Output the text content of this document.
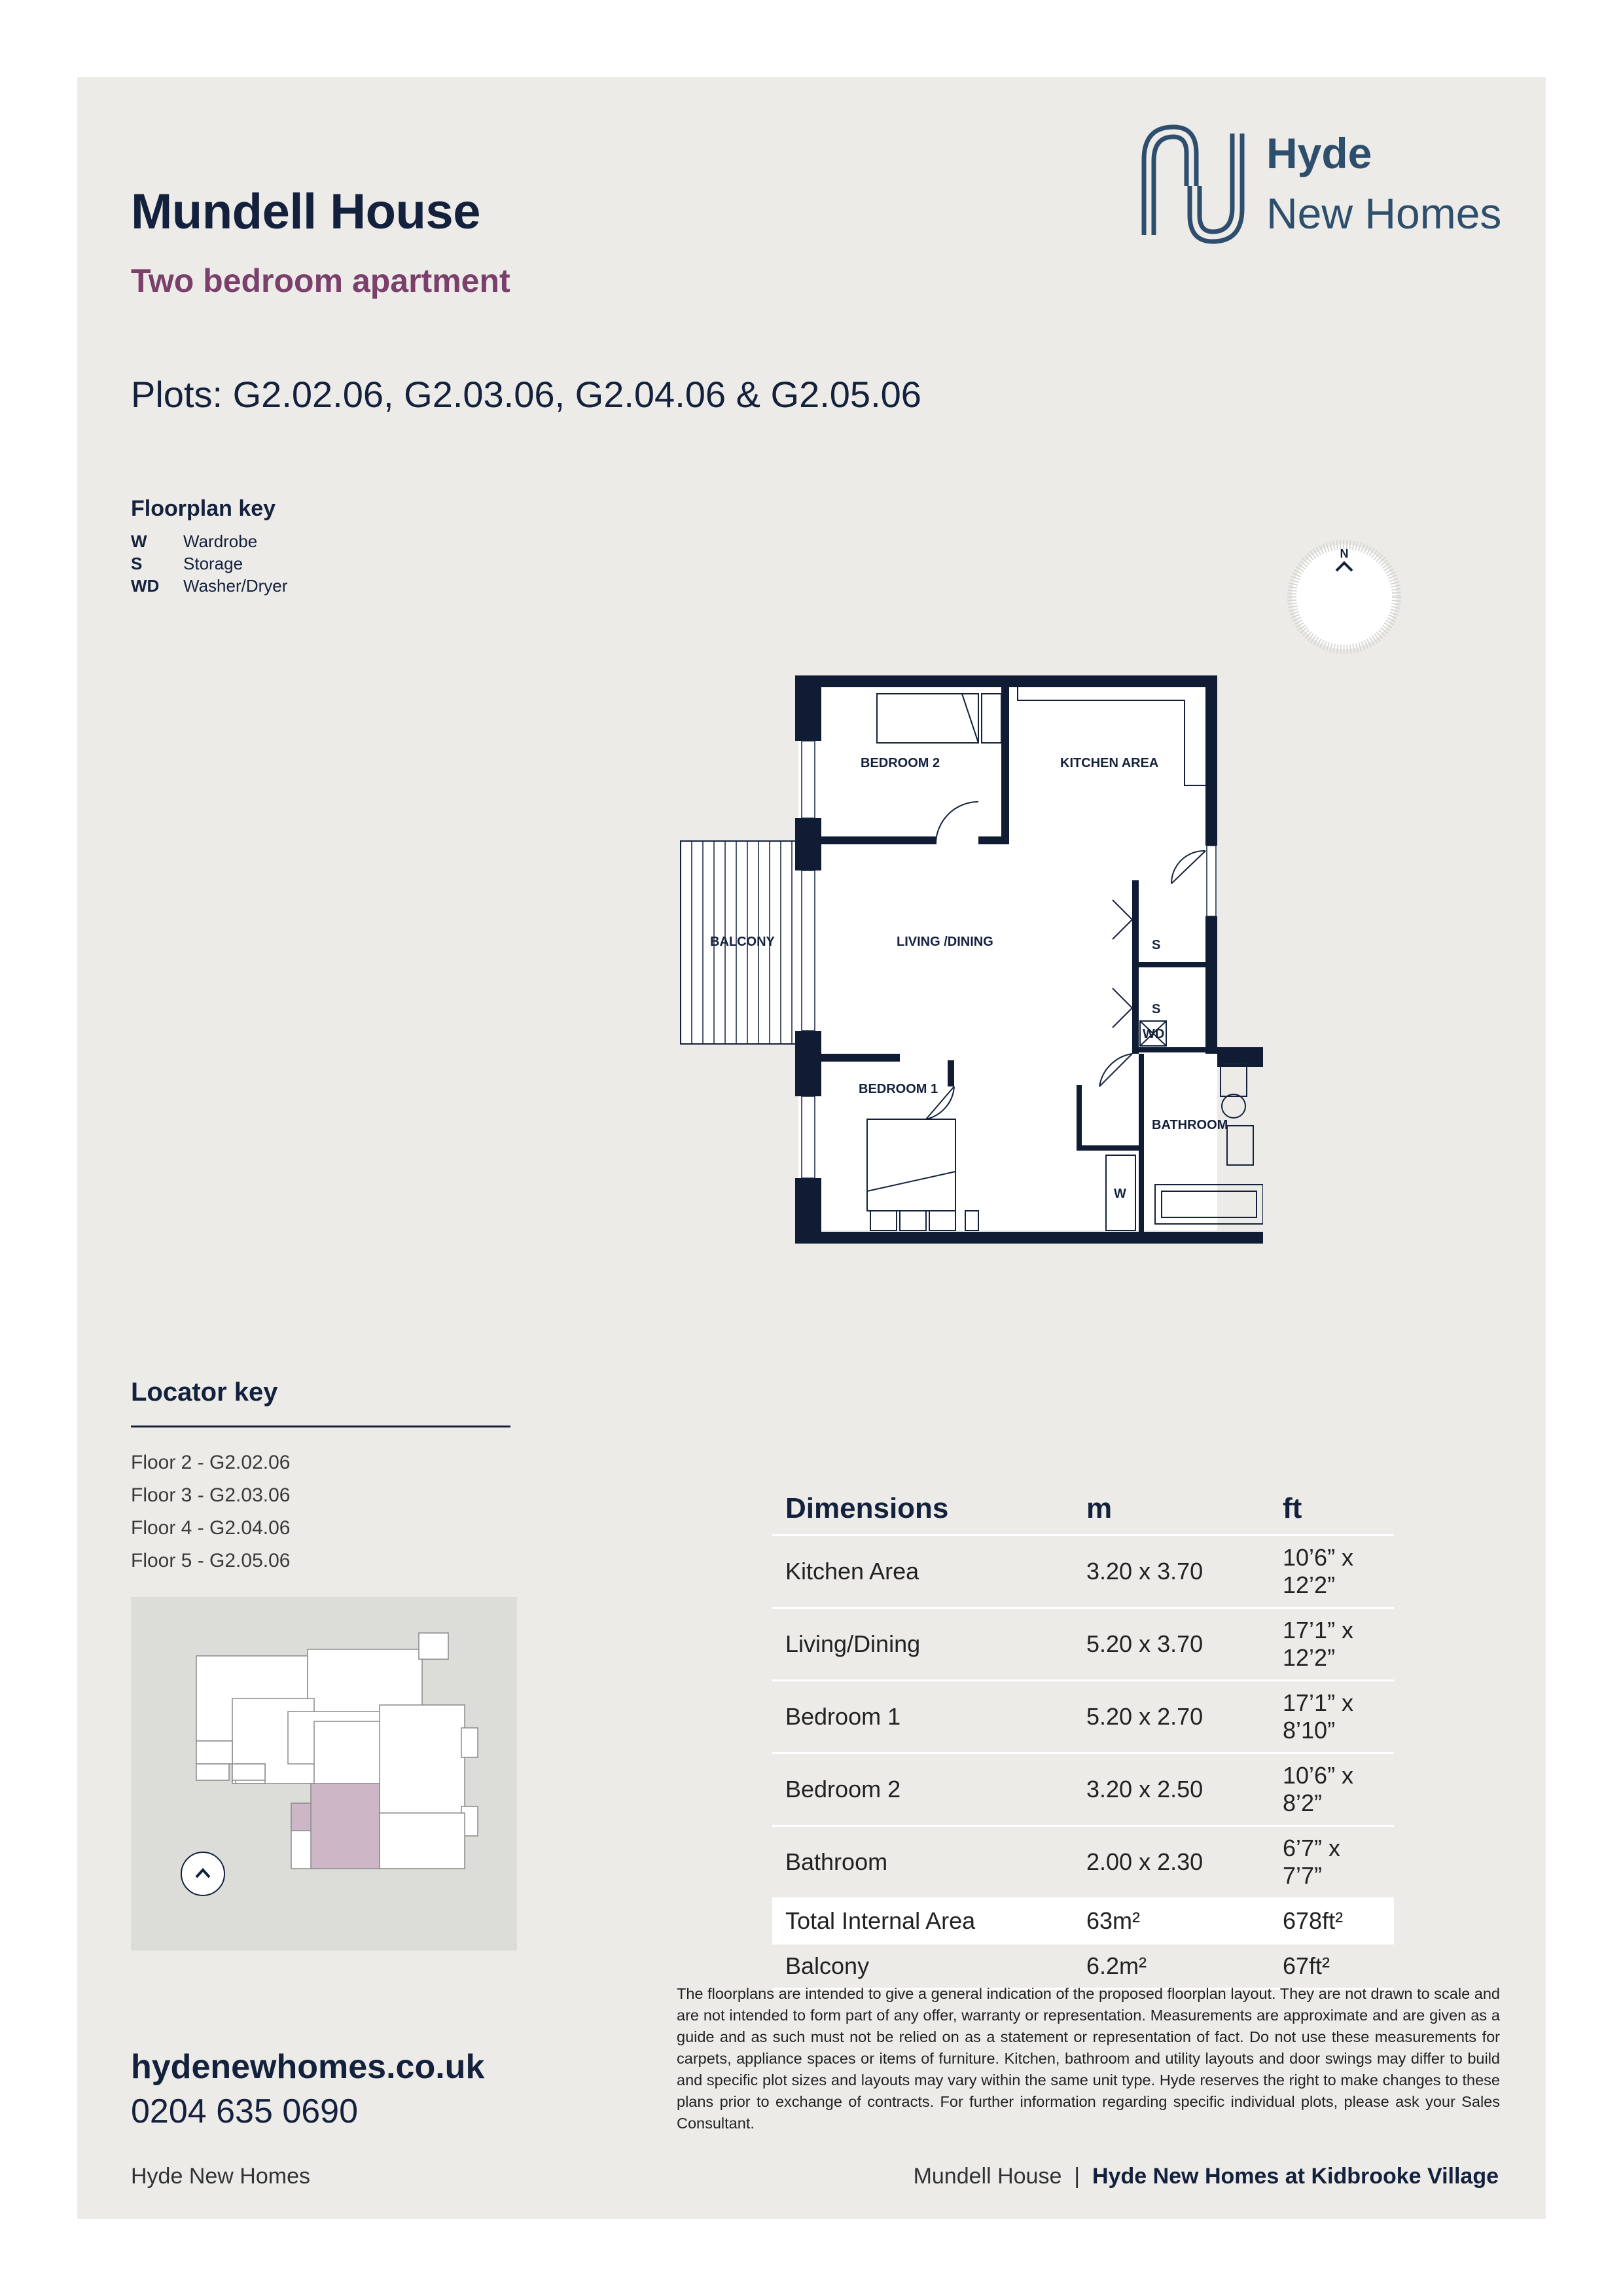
Mundell House
Two bedroom apartment
Plots: G2.02.06, G2.03.06, G2.04.06 & G2.05.06
Hyde
New Homes
Floorplan key
W Wardrobe
S Storage
WD Washer/Dryer
N
BEDROOM 2	KITCHEN AREA
BALCONY	LIVING /DINING	S
S
WD
BEDROOM 1
BATHROOM
W
Locator key
Floor 2 - G2.02.06
Floor 3 - G2.03.06
Floor 4 - G2.04.06
Floor 5 - G2.05.06
Dimensions	m	ft
Kitchen Area	3.20 x 3.70	10’6” x 12’2”
Living/Dining	5.20 x 3.70	17’1” x 12’2”
Bedroom 1	5.20 x 2.70	17’1” x 8’10”
Bedroom 2	3.20 x 2.50	10’6” x 8’2”
Bathroom	2.00 x 2.30	6’7” x 7’7”
Total Internal Area	63m²	678ft²
Balcony	6.2m²	67ft²
The floorplans are intended to give a general indication of the proposed floorplan layout. They are not drawn to scale and are not intended to form part of any offer, warranty or representation. Measurements are approximate and are given as a guide and as such must not be relied on as a statement or representation of fact. Do not use these measurements for carpets, appliance spaces or items of furniture. Kitchen, bathroom and utility layouts and door swings may differ to build and specific plot sizes and layouts may vary within the same unit type. Hyde reserves the right to make changes to these plans prior to exchange of contracts. For further information regarding specific individual plots, please ask your Sales Consultant.
hydenewhomes.co.uk
0204 635 0690
Hyde New Homes	Mundell House  |  Hyde New Homes at Kidbrooke Village
